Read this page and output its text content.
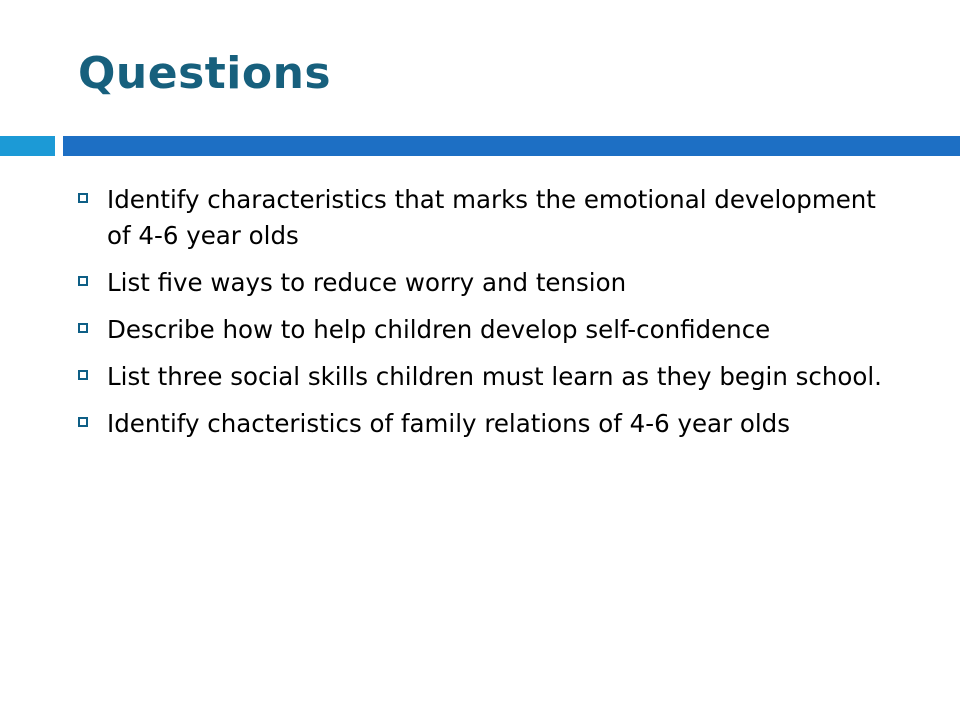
Questions
Identify characteristics that marks the emotional development of 4-6 year olds
List five ways to reduce worry and tension
Describe how to help children develop self-confidence
List three social skills children must learn as they begin school.
Identify chacteristics of family relations of 4-6 year olds
